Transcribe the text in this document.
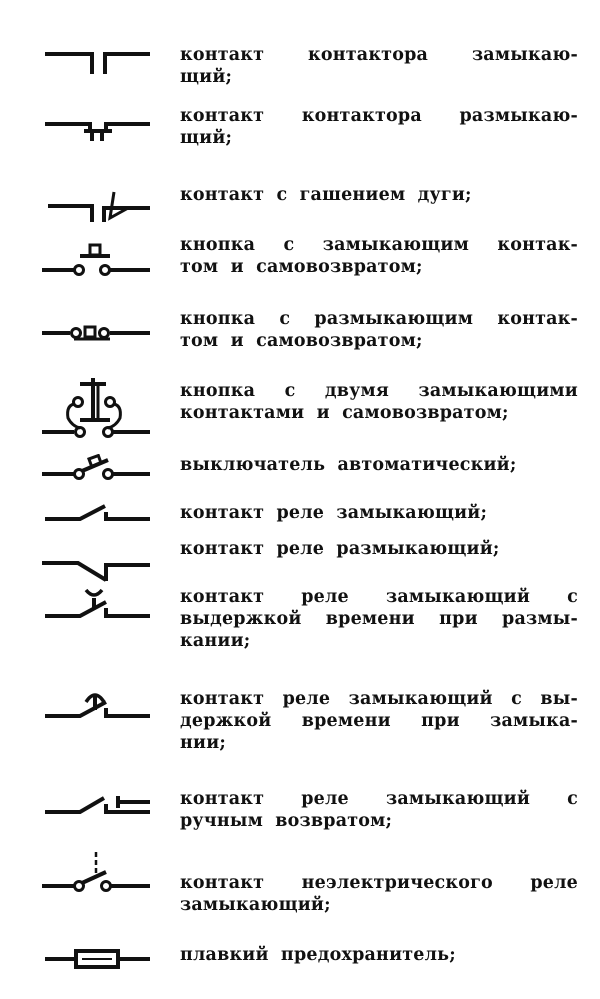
контакт	контактора	замыкаю-
щий;
контакт контактора размыкаю-
щий;
контакт с гашением дуги;
кнопка с замыкающим контак-
том и самовозвратом;
кнопка с размыкающим контак-
том и самовозвратом;
кнопка с двумя замыкающими
контактами и самовозвратом;
выключатель автоматический;
контакт реле замыкающий;
контакт реле размыкающий;
контакт реле замыкающий с
выдержкой времени при размы-
кании;
контакт реле замыкающий с вы-
держкой времени при замыка-
нии;
контакт реле замыкающий с
ручным возвратом;
контакт неэлектрического реле
замыкающий;
плавкий предохранитель;
